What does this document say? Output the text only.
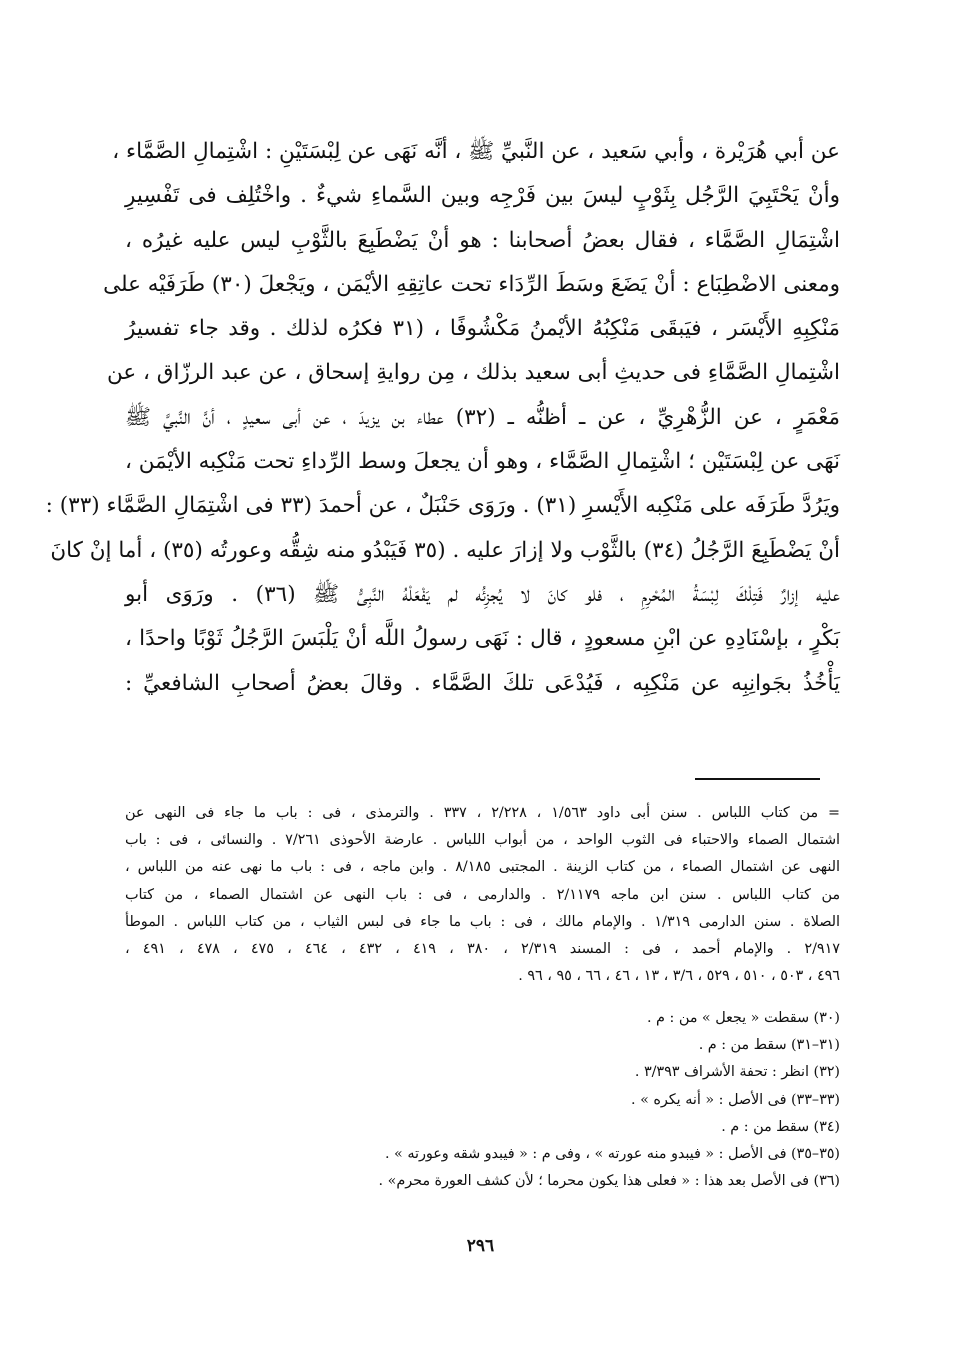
عن أبي هُرَيْرة ، وأبي سَعيد ، عن النَّبيِّ ﷺ ، أنَّه نَهَى عن لِبْسَتَيْنِ : اشْتِمالِ الصَّمَّاء ،
وأنْ يَحْتَبِيَ الرَّجُل بِثَوْبٍ ليسَ بين فَرْجِه وبين السَّماءِ شيءٌ . واخْتُلِف فى تَفْسِيرِ
اشْتِمَالِ الصَّمَّاء ، فقال بعضُ أصحابنا : هو أنْ يَضْطَبِعَ بالثَّوْبِ ليس عليه غيرُه ،
ومعنى الاضْطِبَاع : أنْ يَضَعَ وسَطَ الرِّدَاء تحت عاتِقِهِ الأيْمَن ، ويَجْعلَ (٣٠) طَرَفَيْه على
مَنْكِبِهِ الأَيْسَر ، فيَبقَى مَنْكِبُهُ الأيْمنُ مَكْشُوفًا ، (٣١ فكرُه لذلك . وقد جاء تفسيرُ
اشْتِمالِ الصَّمَّاءِ فى حديثِ أبى سعيد بذلك ، مِن روايةِ إسحاق ، عن عبد الرزّاق ، عن
مَعْمَرٍ ، عن الزُّهْرِيِّ ، عن ـ أظنُّه ـ (٣٢) عطاء بن يزيدَ ، عن أبى سعيدٍ ، أنَّ النَّبيَّ ﷺ
نَهَى عن لِبْسَتَيْن ؛ اشْتِمالِ الصَّمَّاء ، وهو أن يجعلَ وسط الرِّداءِ تحت مَنْكِبه الأيْمَن ،
ويَرُدَّ طَرَفَه على مَنْكِبه الأَيْسرِ (٣١) . ورَوَى حَنْبَلٌ ، عن أحمدَ (٣٣ فى اشْتِمَالِ الصَّمَّاء (٣٣) :
أنْ يَضْطَبِعَ الرَّجُلُ (٣٤) بالثَّوْب ولا إزارَ عليه . (٣٥ فَيَبْدُو منه شِقُّه وعورتُه (٣٥) ، أما إنْ كانَ
عليه إزارٌ فَتِلْكَ لِبْسَةُ المُحْرِمِ ، فلو كانَ لا يُجزِئُه لم يَفْعَلْهُ النَّبِىُّ ﷺ (٣٦) . ورَوَى أبو
بَكْرٍ ، بإسْنَادِهِ عن ابْنِ مسعودٍ ، قال : نَهَى رسولُ اللَّه أنْ يَلْبَسَ الرَّجُلُ ثَوْبًا واحدًا ،
يَأْخُذُ بجَوانِبِه عن مَنْكِبِه ، فَيُدْعَى تلكَ الصَّمَّاء . وقالَ بعضُ أصحابِ الشافعيِّ :
= من كتاب اللباس . سنن أبى داود ١/٥٦٣ ، ٢/٢٢٨ ، ٣٣٧ . والترمذى ، فى : باب ما جاء فى النهى عن
اشتمال الصماء والاحتباء فى الثوب الواحد ، من أبواب اللباس . عارضة الأحوذى ٧/٢٦١ . والنسائى ، فى : باب
النهى عن اشتمال الصماء ، من كتاب الزينة . المجتبى ٨/١٨٥ . وابن ماجه ، فى : باب ما نهى عنه من اللباس ،
من كتاب اللباس . سنن ابن ماجه ٢/١١٧٩ . والدارمى ، فى : باب النهى عن اشتمال الصماء ، من كتاب
الصلاة . سنن الدارمى ١/٣١٩ . والإمام مالك ، فى : باب ما جاء فى لبس الثياب ، من كتاب اللباس . الموطأ
٢/٩١٧ . والإمام أحمد ، فى : المسند ٢/٣١٩ ، ٣٨٠ ، ٤١٩ ، ٤٣٢ ، ٤٦٤ ، ٤٧٥ ، ٤٧٨ ، ٤٩١ ،
٤٩٦ ، ٥٠٣ ، ٥١٠ ، ٥٢٩ ، ٣/٦ ، ١٣ ، ٤٦ ، ٦٦ ، ٩٥ ، ٩٦ .
(٣٠) سقطت « يجعل » من : م .
(٣١–٣١) سقط من : م .
(٣٢) انظر : تحفة الأشراف ٣/٣٩٣ .
(٣٣–٣٣) فى الأصل : « أنه يكره » .
(٣٤) سقط من : م .
(٣٥–٣٥) فى الأصل : « فيبدو منه عورته » ، وفى م : « فيبدو شقه وعورته » .
(٣٦) فى الأصل بعد هذا : « فعلى هذا يكون محرما ؛ لأن كشف العورة محرم» .
٢٩٦
